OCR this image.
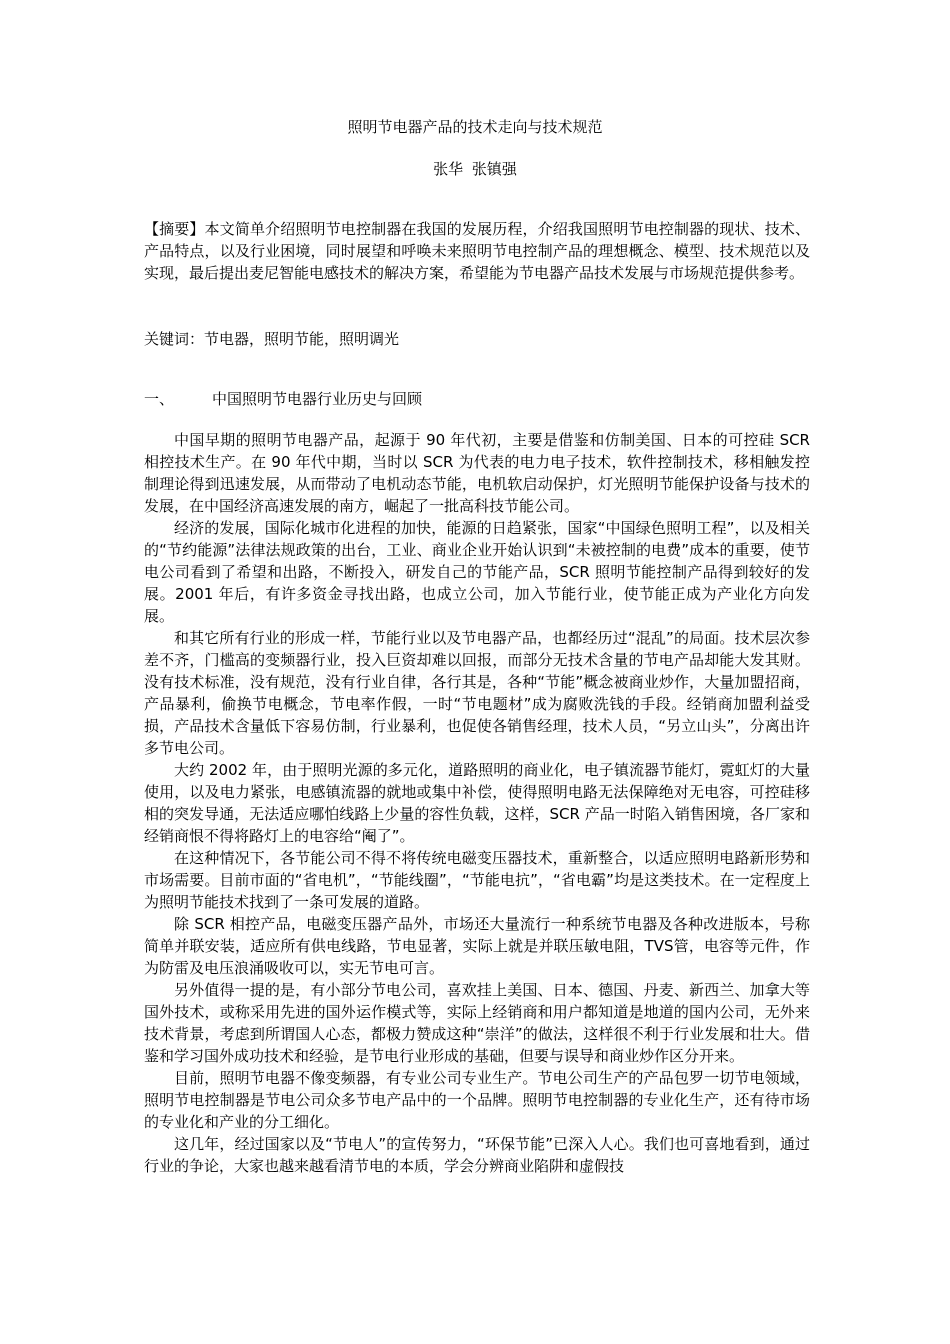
照明节电器产品的技术走向与技术规范
张华 张镇强
【摘要】本文简单介绍照明节电控制器在我国的发展历程，介绍我国照明节电控制器的现状、技术、产品特点，以及行业困境，同时展望和呼唤未来照明节电控制产品的理想概念、模型、技术规范以及实现，最后提出麦尼智能电感技术的解决方案，希望能为节电器产品技术发展与市场规范提供参考。
关键词：节电器，照明节能，照明调光
一、	中国照明节电器行业历史与回顾

中国早期的照明节电器产品，起源于 90 年代初，主要是借鉴和仿制美国、日本的可控硅 SCR 相控技术生产。在 90 年代中期，当时以 SCR 为代表的电力电子技术，软件控制技术，移相触发控制理论得到迅速发展，从而带动了电机动态节能，电机软启动保护，灯光照明节能保护设备与技术的发展，在中国经济高速发展的南方，崛起了一批高科技节能公司。

经济的发展，国际化城市化进程的加快，能源的日趋紧张，国家“中国绿色照明工程”，以及相关的“节约能源”法律法规政策的出台，工业、商业企业开始认识到“未被控制的电费”成本的重要，使节电公司看到了希望和出路，不断投入，研发自己的节能产品，SCR 照明节能控制产品得到较好的发展。2001 年后，有许多资金寻找出路，也成立公司，加入节能行业，使节能正成为产业化方向发展。

和其它所有行业的形成一样，节能行业以及节电器产品，也都经历过“混乱”的局面。技术层次参差不齐，门槛高的变频器行业，投入巨资却难以回报，而部分无技术含量的节电产品却能大发其财。没有技术标准，没有规范，没有行业自律，各行其是，各种“节能”概念被商业炒作，大量加盟招商，产品暴利，偷换节电概念，节电率作假，一时“节电题材”成为腐败洗钱的手段。经销商加盟利益受损，产品技术含量低下容易仿制，行业暴利，也促使各销售经理，技术人员，“另立山头”，分离出许多节电公司。

大约 2002 年，由于照明光源的多元化，道路照明的商业化，电子镇流器节能灯，霓虹灯的大量使用，以及电力紧张，电感镇流器的就地或集中补偿，使得照明电路无法保障绝对无电容，可控硅移相的突发导通，无法适应哪怕线路上少量的容性负载，这样，SCR 产品一时陷入销售困境，各厂家和经销商恨不得将路灯上的电容给“阉了”。

在这种情况下，各节能公司不得不将传统电磁变压器技术，重新整合，以适应照明电路新形势和市场需要。目前市面的“省电机”，“节能线圈”，“节能电抗”，“省电霸”均是这类技术。在一定程度上为照明节能技术找到了一条可发展的道路。

除 SCR 相控产品，电磁变压器产品外，市场还大量流行一种系统节电器及各种改进版本，号称简单并联安装，适应所有供电线路，节电显著，实际上就是并联压敏电阻，TVS管，电容等元件，作为防雷及电压浪涌吸收可以，实无节电可言。

另外值得一提的是，有小部分节电公司，喜欢挂上美国、日本、德国、丹麦、新西兰、加拿大等国外技术，或称采用先进的国外运作模式等，实际上经销商和用户都知道是地道的国内公司，无外来技术背景，考虑到所谓国人心态，都极力赞成这种“崇洋”的做法，这样很不利于行业发展和壮大。借鉴和学习国外成功技术和经验，是节电行业形成的基础，但要与误导和商业炒作区分开来。

目前，照明节电器不像变频器，有专业公司专业生产。节电公司生产的产品包罗一切节电领域，照明节电控制器是节电公司众多节电产品中的一个品牌。照明节电控制器的专业化生产，还有待市场的专业化和产业的分工细化。

这几年，经过国家以及“节电人”的宣传努力，“环保节能”已深入人心。我们也可喜地看到，通过行业的争论，大家也越来越看清节电的本质，学会分辨商业陷阱和虚假技
